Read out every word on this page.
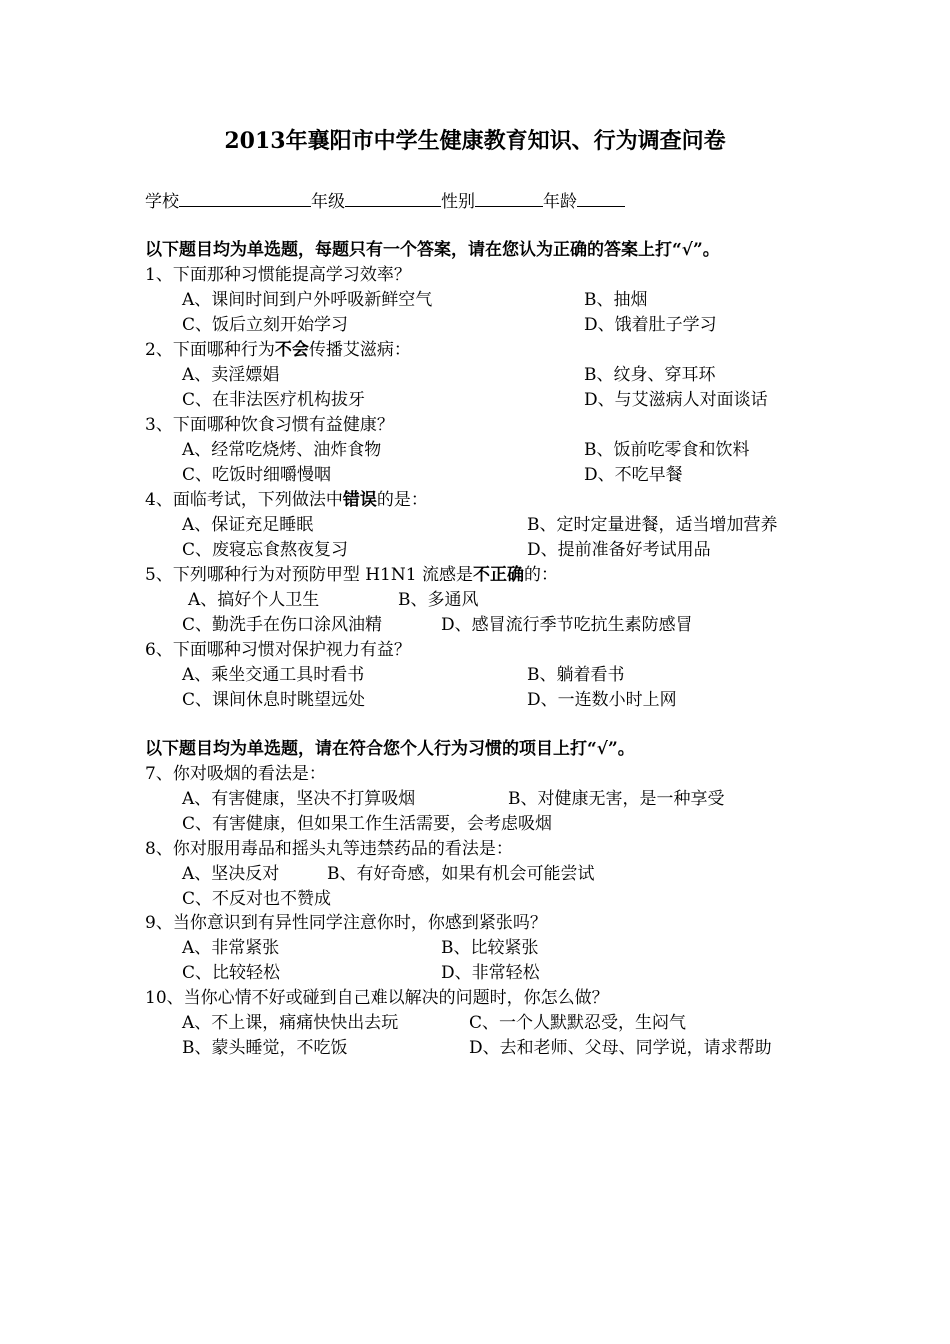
2013年襄阳市中学生健康教育知识、行为调查问卷
学校	年级	性别	年龄
以下题目均为单选题，每题只有一个答案，请在您认为正确的答案上打“√”。
1、下面那种习惯能提高学习效率？
A、课间时间到户外呼吸新鲜空气	B、抽烟
C、饭后立刻开始学习	D、饿着肚子学习
2、下面哪种行为不会传播艾滋病：
A、卖淫嫖娼	B、纹身、穿耳环
C、在非法医疗机构拔牙	D、与艾滋病人对面谈话
3、下面哪种饮食习惯有益健康？
A、经常吃烧烤、油炸食物	B、饭前吃零食和饮料
C、吃饭时细嚼慢咽	D、不吃早餐
4、面临考试，下列做法中错误的是：
A、保证充足睡眠	B、定时定量进餐，适当增加营养
C、废寝忘食熬夜复习	D、提前准备好考试用品
5、下列哪种行为对预防甲型 H1N1 流感是不正确的：
A、搞好个人卫生	B、多通风
C、勤洗手在伤口涂风油精	D、感冒流行季节吃抗生素防感冒
6、下面哪种习惯对保护视力有益？
A、乘坐交通工具时看书	B、躺着看书
C、课间休息时眺望远处	D、一连数小时上网
以下题目均为单选题，请在符合您个人行为习惯的项目上打“√”。
7、你对吸烟的看法是：
A、有害健康，坚决不打算吸烟	B、对健康无害，是一种享受
C、有害健康，但如果工作生活需要，会考虑吸烟
8、你对服用毒品和摇头丸等违禁药品的看法是：
A、坚决反对	B、有好奇感，如果有机会可能尝试
C、不反对也不赞成
9、当你意识到有异性同学注意你时，你感到紧张吗？
A、非常紧张	B、比较紧张
C、比较轻松	D、非常轻松
10、当你心情不好或碰到自己难以解决的问题时，你怎么做？
A、不上课，痛痛快快出去玩	C、一个人默默忍受，生闷气
B、蒙头睡觉，不吃饭	D、去和老师、父母、同学说，请求帮助
